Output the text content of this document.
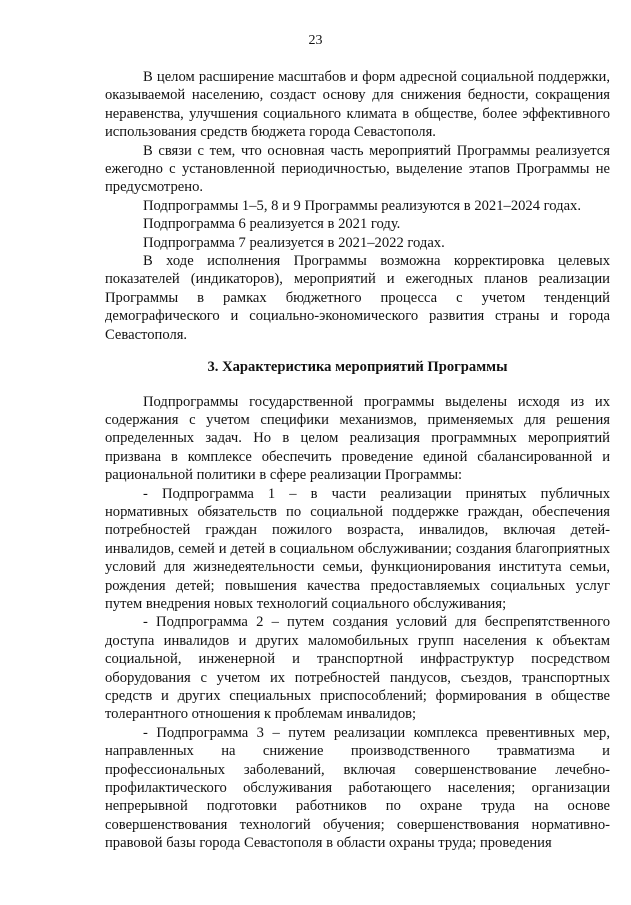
23

В целом расширение масштабов и форм адресной социальной поддержки, оказываемой населению, создаст основу для снижения бедности, сокращения неравенства, улучшения социального климата в обществе, более эффективного использования средств бюджета города Севастополя.

В связи с тем, что основная часть мероприятий Программы реализуется ежегодно с установленной периодичностью, выделение этапов Программы не предусмотрено.

Подпрограммы 1–5, 8 и 9 Программы реализуются в 2021–2024 годах.

Подпрограмма 6 реализуется в 2021 году.

Подпрограмма 7 реализуется в 2021–2022 годах.

В ходе исполнения Программы возможна корректировка целевых показателей (индикаторов), мероприятий и ежегодных планов реализации Программы в рамках бюджетного процесса с учетом тенденций демографического и социально-экономического развития страны и города Севастополя.

3. Характеристика мероприятий Программы

Подпрограммы государственной программы выделены исходя из их содержания с учетом специфики механизмов, применяемых для решения определенных задач. Но в целом реализация программных мероприятий призвана в комплексе обеспечить проведение единой сбалансированной и рациональной политики в сфере реализации Программы:

- Подпрограмма 1 – в части реализации принятых публичных нормативных обязательств по социальной поддержке граждан, обеспечения потребностей граждан пожилого возраста, инвалидов, включая детей-инвалидов, семей и детей в социальном обслуживании; создания благоприятных условий для жизнедеятельности семьи, функционирования института семьи, рождения детей; повышения качества предоставляемых социальных услуг путем внедрения новых технологий социального обслуживания;

- Подпрограмма 2 – путем создания условий для беспрепятственного доступа инвалидов и других маломобильных групп населения к объектам социальной, инженерной и транспортной инфраструктур посредством оборудования с учетом их потребностей пандусов, съездов, транспортных средств и других специальных приспособлений; формирования в обществе толерантного отношения к проблемам инвалидов;

- Подпрограмма 3 – путем реализации комплекса превентивных мер, направленных на снижение производственного травматизма и профессиональных заболеваний, включая совершенствование лечебно-профилактического обслуживания работающего населения; организации непрерывной подготовки работников по охране труда на основе совершенствования технологий обучения; совершенствования нормативно-правовой базы города Севастополя в области охраны труда; проведения
